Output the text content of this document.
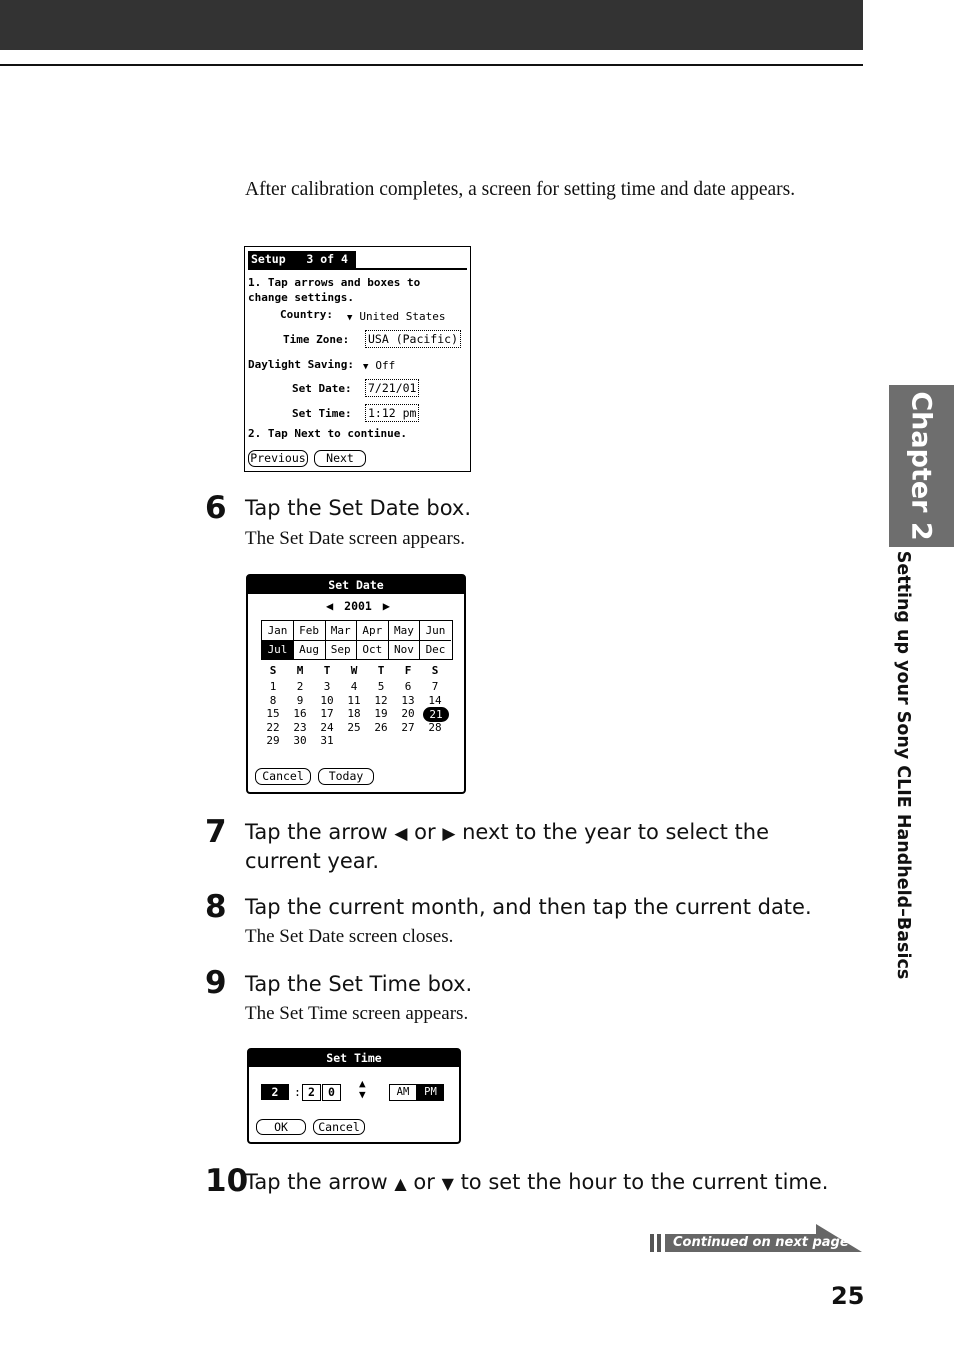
Chapter 2
Setting up your Sony CLIE Handheld–Basics
After calibration completes, a screen for setting time and date appears.
Setup   3 of 4
1. Tap arrows and boxes to change settings.
Country: ▼ United States
Time Zone: USA (Pacific)
Daylight Saving: ▼ Off
Set Date: 7/21/01
Set Time: 1:12 pm
2. Tap Next to continue.
Previous	Next
6 Tap the Set Date box.
The Set Date screen appears.
Set Date
◀ 2001 ▶
Jan	Feb	Mar	Apr	May	Jun
Jul	Aug	Sep	Oct	Nov	Dec
S	M	T	W	T	F	S
1	2	3	4	5	6	7
8	9	10 11 12 13 14
15 16 17 18 19 20	21
22 23 24 25 26 27 28
29 30 31
Cancel	Today
7 Tap the arrow ◀ or ▶ next to the year to select the
current year.
8 Tap the current month, and then tap the current date.
The Set Date screen closes.
9 Tap the Set Time box.
The Set Time screen appears.
Set Time
2	: 2	0
▲
▼	AM	PM
OK	Cancel
10
Tap the arrow ▲ or ▼ to set the hour to the current time.
Continued on next page
25
